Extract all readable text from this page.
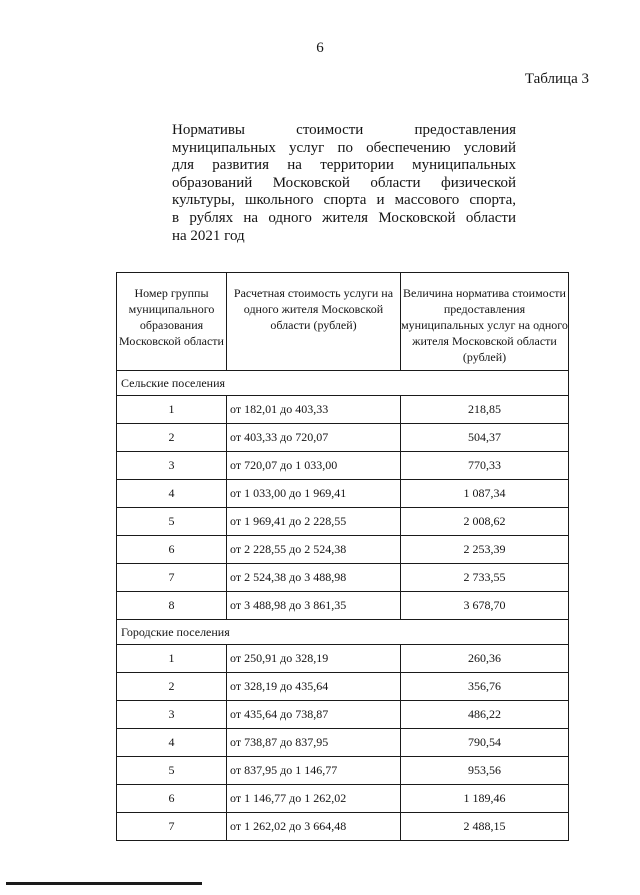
6
Таблица 3
Нормативы стоимости предоставления
муниципальных услуг по обеспечению условий
для развития на территории муниципальных
образований Московской области физической
культуры, школьного спорта и массового спорта,
в рублях на одного жителя Московской области
на 2021 год
Номер группы муниципального образования Московской области	Расчетная стоимость услуги на одного жителя Московской области (рублей)	Величина норматива стоимости предоставления муниципальных услуг на одного жителя Московской области (рублей)
Сельские поселения		
1	от 182,01 до 403,33	218,85
2	от 403,33 до 720,07	504,37
3	от 720,07 до 1 033,00	770,33
4	от 1 033,00 до 1 969,41	1 087,34
5	от 1 969,41 до 2 228,55	2 008,62
6	от 2 228,55 до 2 524,38	2 253,39
7	от 2 524,38 до 3 488,98	2 733,55
8	от 3 488,98 до 3 861,35	3 678,70
Городские поселения		
1	от 250,91 до 328,19	260,36
2	от 328,19 до 435,64	356,76
3	от 435,64 до 738,87	486,22
4	от 738,87 до 837,95	790,54
5	от 837,95 до 1 146,77	953,56
6	от 1 146,77 до 1 262,02	1 189,46
7	от 1 262,02 до 3 664,48	2 488,15
